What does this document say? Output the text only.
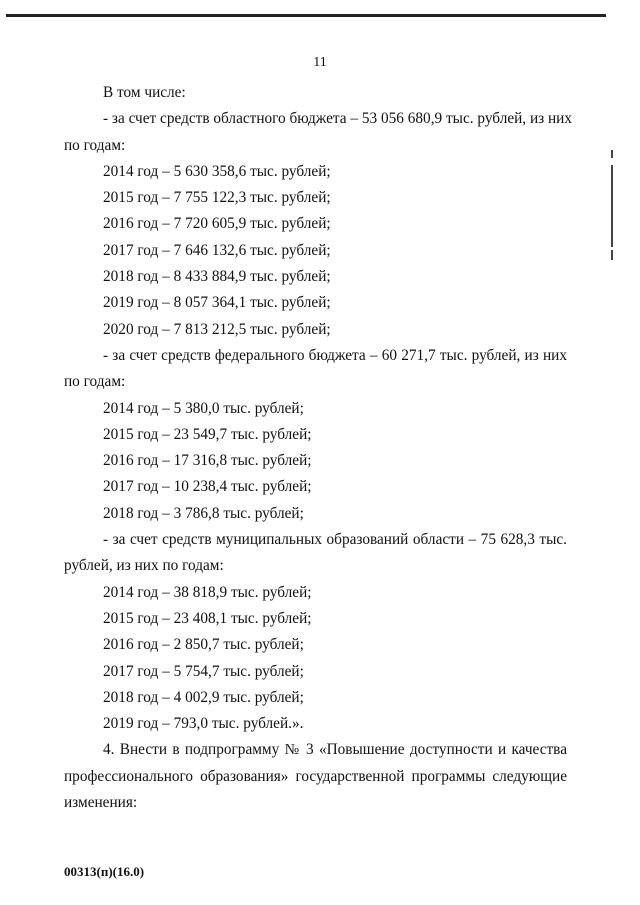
11
В том числе:
- за счет средств областного бюджета – 53 056 680,9 тыс. рублей, из них
по годам:
2014 год – 5 630 358,6 тыс. рублей;
2015 год – 7 755 122,3 тыс. рублей;
2016 год – 7 720 605,9 тыс. рублей;
2017 год – 7 646 132,6 тыс. рублей;
2018 год – 8 433 884,9 тыс. рублей;
2019 год – 8 057 364,1 тыс. рублей;
2020 год – 7 813 212,5 тыс. рублей;
- за счет средств федерального бюджета – 60 271,7 тыс. рублей, из них
по годам:
2014 год – 5 380,0 тыс. рублей;
2015 год – 23 549,7 тыс. рублей;
2016 год – 17 316,8 тыс. рублей;
2017 год – 10 238,4 тыс. рублей;
2018 год – 3 786,8 тыс. рублей;
- за счет средств муниципальных образований области – 75 628,3 тыс.
рублей, из них по годам:
2014 год – 38 818,9 тыс. рублей;
2015 год – 23 408,1 тыс. рублей;
2016 год – 2 850,7 тыс. рублей;
2017 год – 5 754,7 тыс. рублей;
2018 год – 4 002,9 тыс. рублей;
2019 год – 793,0 тыс. рублей.».
4. Внести в подпрограмму № 3 «Повышение доступности и качества
профессионального образования» государственной программы следующие
изменения:
00313(п)(16.0)
